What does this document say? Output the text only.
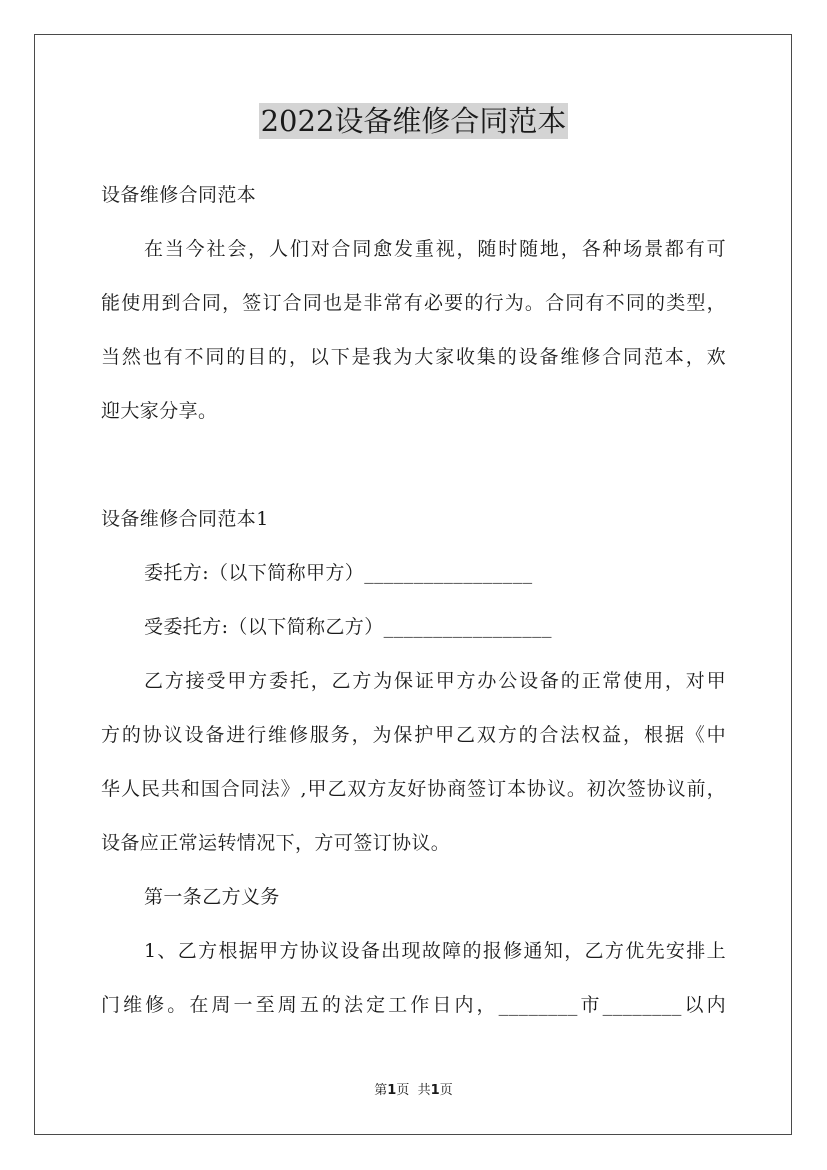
2022设备维修合同范本
设备维修合同范本
在当今社会，人们对合同愈发重视，随时随地，各种场景都有可
能使用到合同，签订合同也是非常有必要的行为。合同有不同的类型，
当然也有不同的目的，以下是我为大家收集的设备维修合同范本，欢
迎大家分享。
设备维修合同范本1
委托方:（以下简称甲方）_________________
受委托方:（以下简称乙方）_________________
乙方接受甲方委托，乙方为保证甲方办公设备的正常使用，对甲
方的协议设备进行维修服务，为保护甲乙双方的合法权益，根据《中
华人民共和国合同法》,甲乙双方友好协商签订本协议。初次签协议前，
设备应正常运转情况下，方可签订协议。
第一条乙方义务
1、乙方根据甲方协议设备出现故障的报修通知，乙方优先安排上
门维修。在周一至周五的法定工作日内，________市________以内
第1页 共1页
